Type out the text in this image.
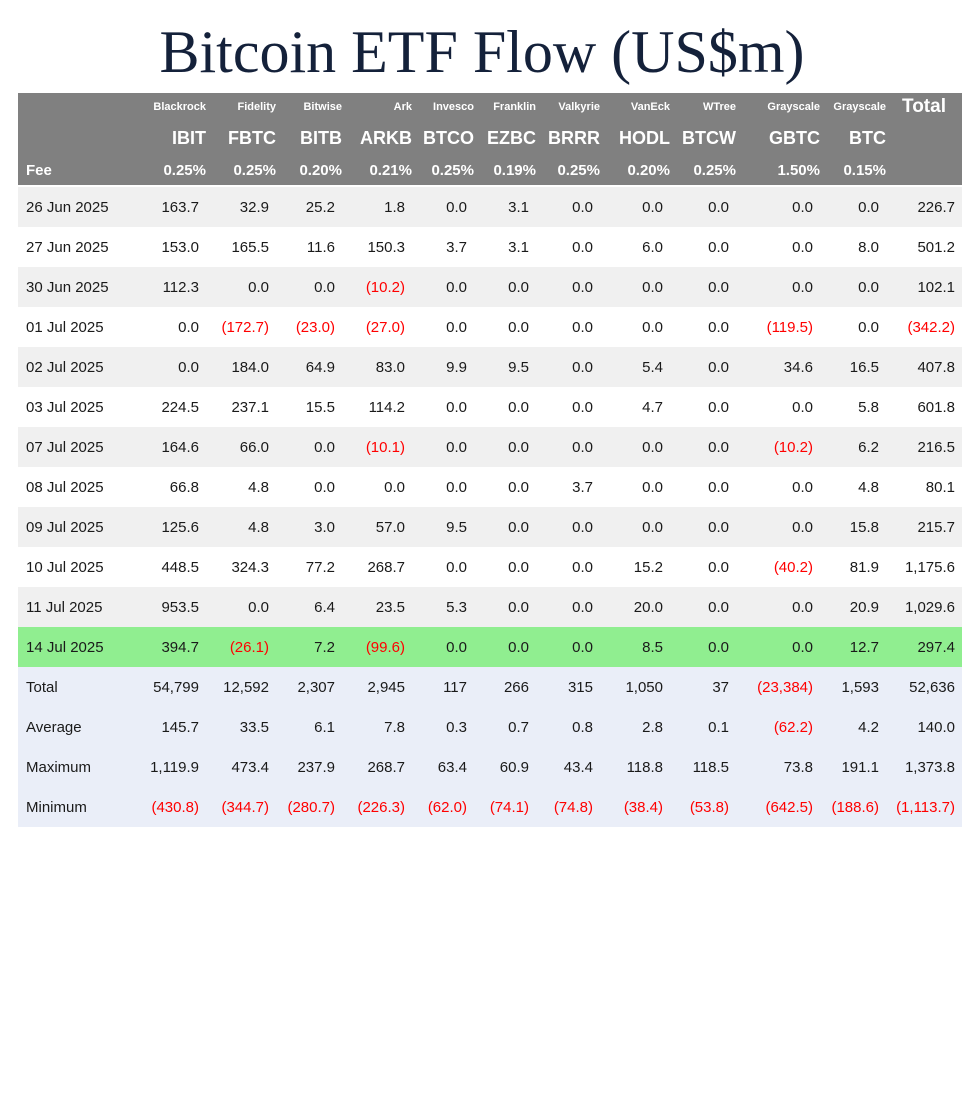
Bitcoin ETF Flow (US$m)
	Blackrock	Fidelity	Bitwise	Ark	Invesco	Franklin	Valkyrie	VanEck	WTree	Grayscale	Grayscale	Total
	IBIT	FBTC	BITB	ARKB	BTCO	EZBC	BRRR	HODL	BTCW	GBTC	BTC	
Fee	0.25%	0.25%	0.20%	0.21%	0.25%	0.19%	0.25%	0.20%	0.25%	1.50%	0.15%	
26 Jun 2025	163.7	32.9	25.2	1.8	0.0	3.1	0.0	0.0	0.0	0.0	0.0	226.7
27 Jun 2025	153.0	165.5	11.6	150.3	3.7	3.1	0.0	6.0	0.0	0.0	8.0	501.2
30 Jun 2025	112.3	0.0	0.0	(10.2)	0.0	0.0	0.0	0.0	0.0	0.0	0.0	102.1
01 Jul 2025	0.0	(172.7)	(23.0)	(27.0)	0.0	0.0	0.0	0.0	0.0	(119.5)	0.0	(342.2)
02 Jul 2025	0.0	184.0	64.9	83.0	9.9	9.5	0.0	5.4	0.0	34.6	16.5	407.8
03 Jul 2025	224.5	237.1	15.5	114.2	0.0	0.0	0.0	4.7	0.0	0.0	5.8	601.8
07 Jul 2025	164.6	66.0	0.0	(10.1)	0.0	0.0	0.0	0.0	0.0	(10.2)	6.2	216.5
08 Jul 2025	66.8	4.8	0.0	0.0	0.0	0.0	3.7	0.0	0.0	0.0	4.8	80.1
09 Jul 2025	125.6	4.8	3.0	57.0	9.5	0.0	0.0	0.0	0.0	0.0	15.8	215.7
10 Jul 2025	448.5	324.3	77.2	268.7	0.0	0.0	0.0	15.2	0.0	(40.2)	81.9	1,175.6
11 Jul 2025	953.5	0.0	6.4	23.5	5.3	0.0	0.0	20.0	0.0	0.0	20.9	1,029.6
14 Jul 2025	394.7	(26.1)	7.2	(99.6)	0.0	0.0	0.0	8.5	0.0	0.0	12.7	297.4
Total	54,799	12,592	2,307	2,945	117	266	315	1,050	37	(23,384)	1,593	52,636
Average	145.7	33.5	6.1	7.8	0.3	0.7	0.8	2.8	0.1	(62.2)	4.2	140.0
Maximum	1,119.9	473.4	237.9	268.7	63.4	60.9	43.4	118.8	118.5	73.8	191.1	1,373.8
Minimum	(430.8)	(344.7)	(280.7)	(226.3)	(62.0)	(74.1)	(74.8)	(38.4)	(53.8)	(642.5)	(188.6)	(1,113.7)
